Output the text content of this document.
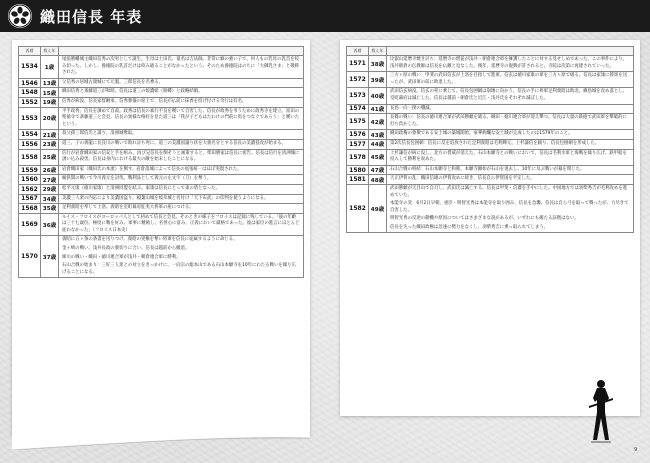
織田信長 年表
西暦	数え年	
1534	1歳	尾張勝幡城主織田信秀の次男として誕生。生母は土田氏、童名は吉法師。非常に癖の強い子で、何人もの乳母の乳首を咬み切った。しかし、養徳院の乳首だけは咬み破ることがなかったという。そのため養徳院はのちに「大御乳さま」と敬称された。

1546	13歳	父信秀の居城古渡城にて元服。三郎信長を名乗る。

1548	15歳	織田信秀と斎藤道三が和睦。信長は道三の娘濃姫（帰蝶）と政略結婚。

1552	19歳	信秀が病没、信長家督継承。信秀葬儀の席上で、信長が仏前に抹香を投げ付ける奇行は有名。

1553	20歳	平手政秀、信長を諫めて自殺。政秀は信長の素行不良を嘆いて自害した。信長が政秀を弔うために政秀寺を建立。富田の聖徳寺で斎藤道三と会見。信長の異様な格好を見た道三は「我が子どもはたわけの門前に馬をつなぐであろう」と嘆いたという。

1554	21歳	叔父孫三郎信光と謀り、清洲城奪取。

1556	23歳	道三、子の義龍に長良川の戦いで敗れ討ち死に。道三の美濃国譲り状を大義名分とする信長の美濃侵攻が始まる。

1558	25歳	信行が岩倉織田家の信安と手を組み、再び兄信長を倒そうと画策すると、柴田勝家は信長に密告。信長は信行を清洲城に誘い込み殺害。信長は身内における最大の敵を始末したことになる。

1559	26歳	岩倉織田家（織田氏の本流）を倒す。岩倉落城によって信長の尾張統一はほぼ実現された。

1560	27歳	桶狭間の戦いで今川義元を討伐。戦利品として義元の左文字（刀）を奪う。

1562	29歳	松平元康（徳川家康）と清洲同盟を結ぶ。家康は信長にとって東の盾となった。

1567	34歳	美濃三人衆の内応により美濃国盗り。稲葉山城を岐阜城と名付け「天下布武」の印判を使うようになる。

1568	35歳	足利義昭を奉じて上洛。義昭を室町幕府征夷大将軍の座につける。

1569	36歳	ルイス・フロイスがヨーロッパ人として初めて信長と会見。そのときの様子をフロイスは記録に残している。「彼の年齢は三十七歳位。極度に戦を好み、軍事に精励し、名誉心に富み、正義において厳格であった。彼は家臣の進言にほとんど従わなかった」（フロイス日本史）

1570	37歳	義昭に五ヶ条の条書を送りつけ、義昭の実権を奪い将軍を信長に従属するように命じる。

金ヶ崎の戦い。浅井長政の裏切りに合い、信長は越前から撤退。

姉川の戦い・織田・徳川連合軍が浅井・朝倉連合軍に勝利。

石山合戦の始まり：三好三人衆との対立をきっかけに、一向宗の総本山である石山本願寺を10年にわたる戦いを繰り広げることになる。

西暦	数え年	
1571	38歳	比叡山延暦寺焼き討ち：延暦寺の僧徒が浅井・朝倉連合軍を擁護したことに対する見せしめであった。この事件により、浅井朝倉の伝教師は信長を仏敵と見なした。後年、延暦寺の復興が許されると、寺院は次第に再建されていった。

1572	39歳	三方ヶ原の戦い：甲斐の武田信玄が上洛を目指して進軍。信玄は徳川家康の軍を三方ヶ原で破る。信長は家康に援軍を送ったが、武田軍の前に敗退した。

1573	40歳	武田信玄病没。信玄の死に乗じて、信長包囲網は崩壊に向かう。信長の手に将軍足利義昭は敗北。槇島城を攻め落とし、室町幕府は滅亡した。信長は越前・朝倉氏と近江・浅井氏をそれぞれ滅ぼした。

1574	41歳	長島一向一揆の殲滅。

1575	42歳	長篠の戦い：信長の徳川連合軍が武田勝頼を破る。織田・徳川連合軍が迎え撃つ。信長は大量の鉄砲で武田軍を撃破的に打ち負かした。

1576	43歳	織田政権の象徴である安土城の築城開始。豪華絢爛な安土城が完成したのは1579年のこと。

1577	44歳	第2次信長包囲網：信長に反を追放された足利義昭は毛利輝元、上杉謙信を頼り、信長包囲網を形成した。

1578	45歳	上杉謙信が病に没し、北方の脅威が消えた。石山本願寺との戦いにおいて、信長は毛利水軍と海戦を繰り広げ、鉄甲船を投入して勝利を収めた。

1580	47歳	石山合戦の終結：石山本願寺と和睦。本願寺顕如が石山を退去し、10年に及ぶ戦いが幕を閉じた。

1581	48歳	天正伊賀の乱：織田信雄の伊賀攻めに続き、信長自ら伊賀国を平定した。

1582	49歳	武田勝頼が天目山で自刃し、武田氏は滅亡する。信長は甲斐・信濃を手中にした。中国地方では羽柴秀吉が毛利攻めを進めていた。

本能寺の変：6月2日早朝、重臣・明智光秀は本能寺を取り囲み、信長を急襲。信長は自ら弓を取って戦ったが、力尽きて自害した。

明智光秀の反逆の動機や原因についてはさまざまな説があるが、いずれにも確たる証拠はない。

信長を失った織田政権は急速に勢力をなくし、羽柴秀吉に乗っ取られてしまう。

9
